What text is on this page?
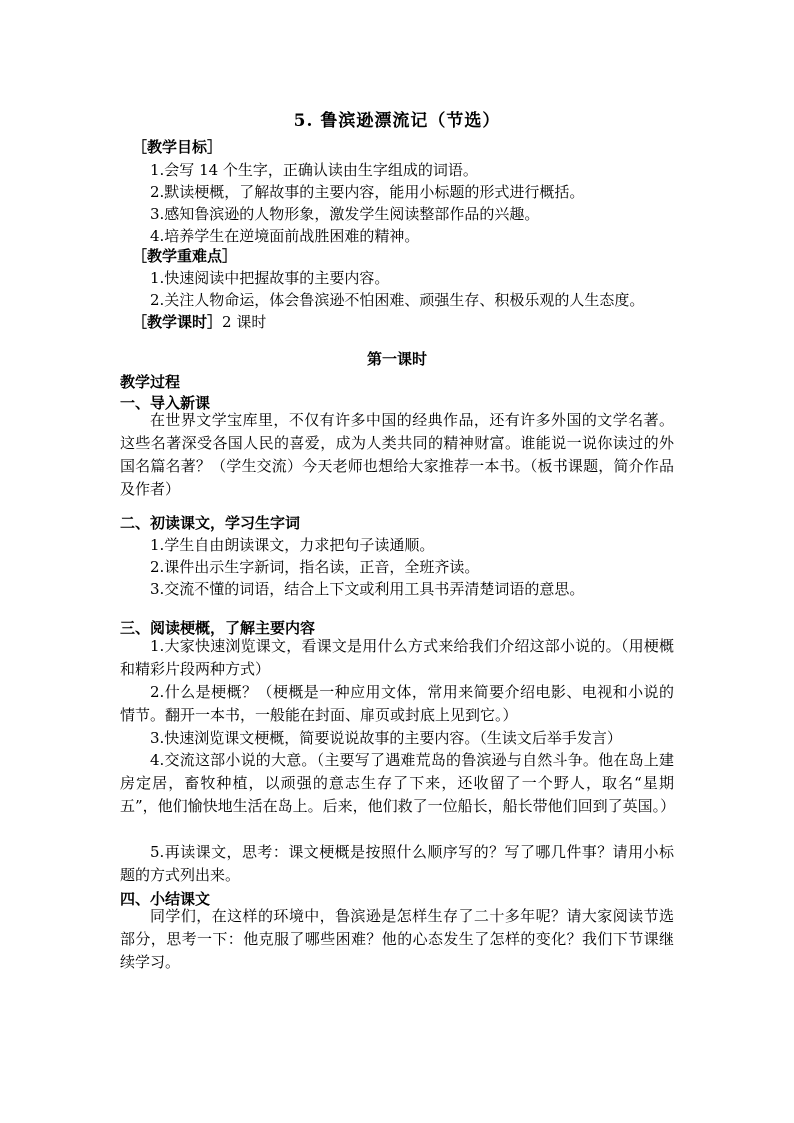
5. 鲁滨逊漂流记（节选）
［教学目标］
1.会写 14 个生字，正确认读由生字组成的词语。
2.默读梗概，了解故事的主要内容，能用小标题的形式进行概括。
3.感知鲁滨逊的人物形象，激发学生阅读整部作品的兴趣。
4.培养学生在逆境面前战胜困难的精神。
［教学重难点］
1.快速阅读中把握故事的主要内容。
2.关注人物命运，体会鲁滨逊不怕困难、顽强生存、积极乐观的人生态度。
［教学课时］2 课时
第一课时
教学过程
一、导入新课
在世界文学宝库里，不仅有许多中国的经典作品，还有许多外国的文学名著。这些名著深受各国人民的喜爱，成为人类共同的精神财富。谁能说一说你读过的外国名篇名著？（学生交流）今天老师也想给大家推荐一本书。（板书课题，简介作品及作者）
二、初读课文，学习生字词
1.学生自由朗读课文，力求把句子读通顺。
2.课件出示生字新词，指名读，正音，全班齐读。
3.交流不懂的词语，结合上下文或利用工具书弄清楚词语的意思。
三、阅读梗概，了解主要内容
1.大家快速浏览课文，看课文是用什么方式来给我们介绍这部小说的。（用梗概和精彩片段两种方式）
2.什么是梗概？（梗概是一种应用文体，常用来简要介绍电影、电视和小说的情节。翻开一本书，一般能在封面、扉页或封底上见到它。）
3.快速浏览课文梗概，简要说说故事的主要内容。（生读文后举手发言）
4.交流这部小说的大意。（主要写了遇难荒岛的鲁滨逊与自然斗争。他在岛上建房定居，畜牧种植，以顽强的意志生存了下来，还收留了一个野人，取名“星期五”，他们愉快地生活在岛上。后来，他们救了一位船长，船长带他们回到了英国。）
5.再读课文，思考：课文梗概是按照什么顺序写的？写了哪几件事？请用小标题的方式列出来。
四、小结课文
同学们，在这样的环境中，鲁滨逊是怎样生存了二十多年呢？请大家阅读节选部分，思考一下：他克服了哪些困难？他的心态发生了怎样的变化？我们下节课继续学习。
